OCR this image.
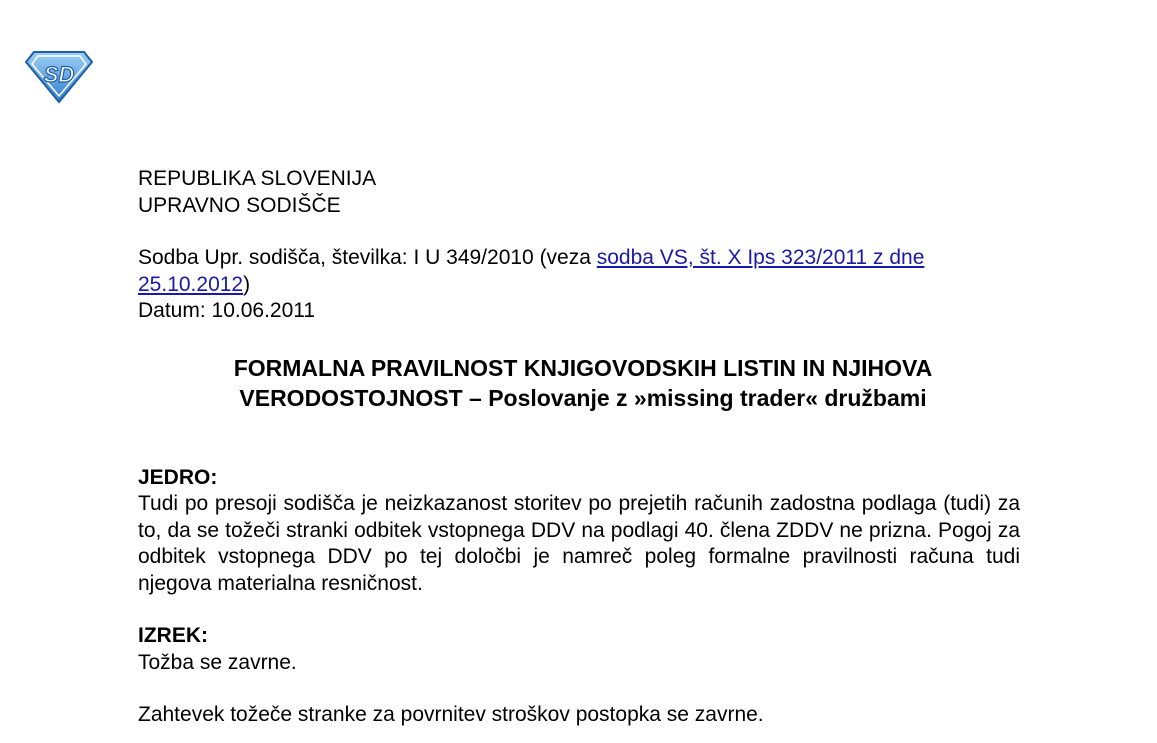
SD
REPUBLIKA SLOVENIJA
UPRAVNO SODIŠČE
Sodba Upr. sodišča, številka: I U 349/2010 (veza sodba VS, št. X Ips 323/2011 z dne 25.10.2012)
Datum: 10.06.2011
FORMALNA PRAVILNOST KNJIGOVODSKIH LISTIN IN NJIHOVA
VERODOSTOJNOST – Poslovanje z »missing trader« družbami
JEDRO:
Tudi po presoji sodišča je neizkazanost storitev po prejetih računih zadostna podlaga (tudi) za to, da se tožeči stranki odbitek vstopnega DDV na podlagi 40. člena ZDDV ne prizna. Pogoj za odbitek vstopnega DDV po tej določbi je namreč poleg formalne pravilnosti računa tudi njegova materialna resničnost.
IZREK:
Tožba se zavrne.
Zahtevek tožeče stranke za povrnitev stroškov postopka se zavrne.
